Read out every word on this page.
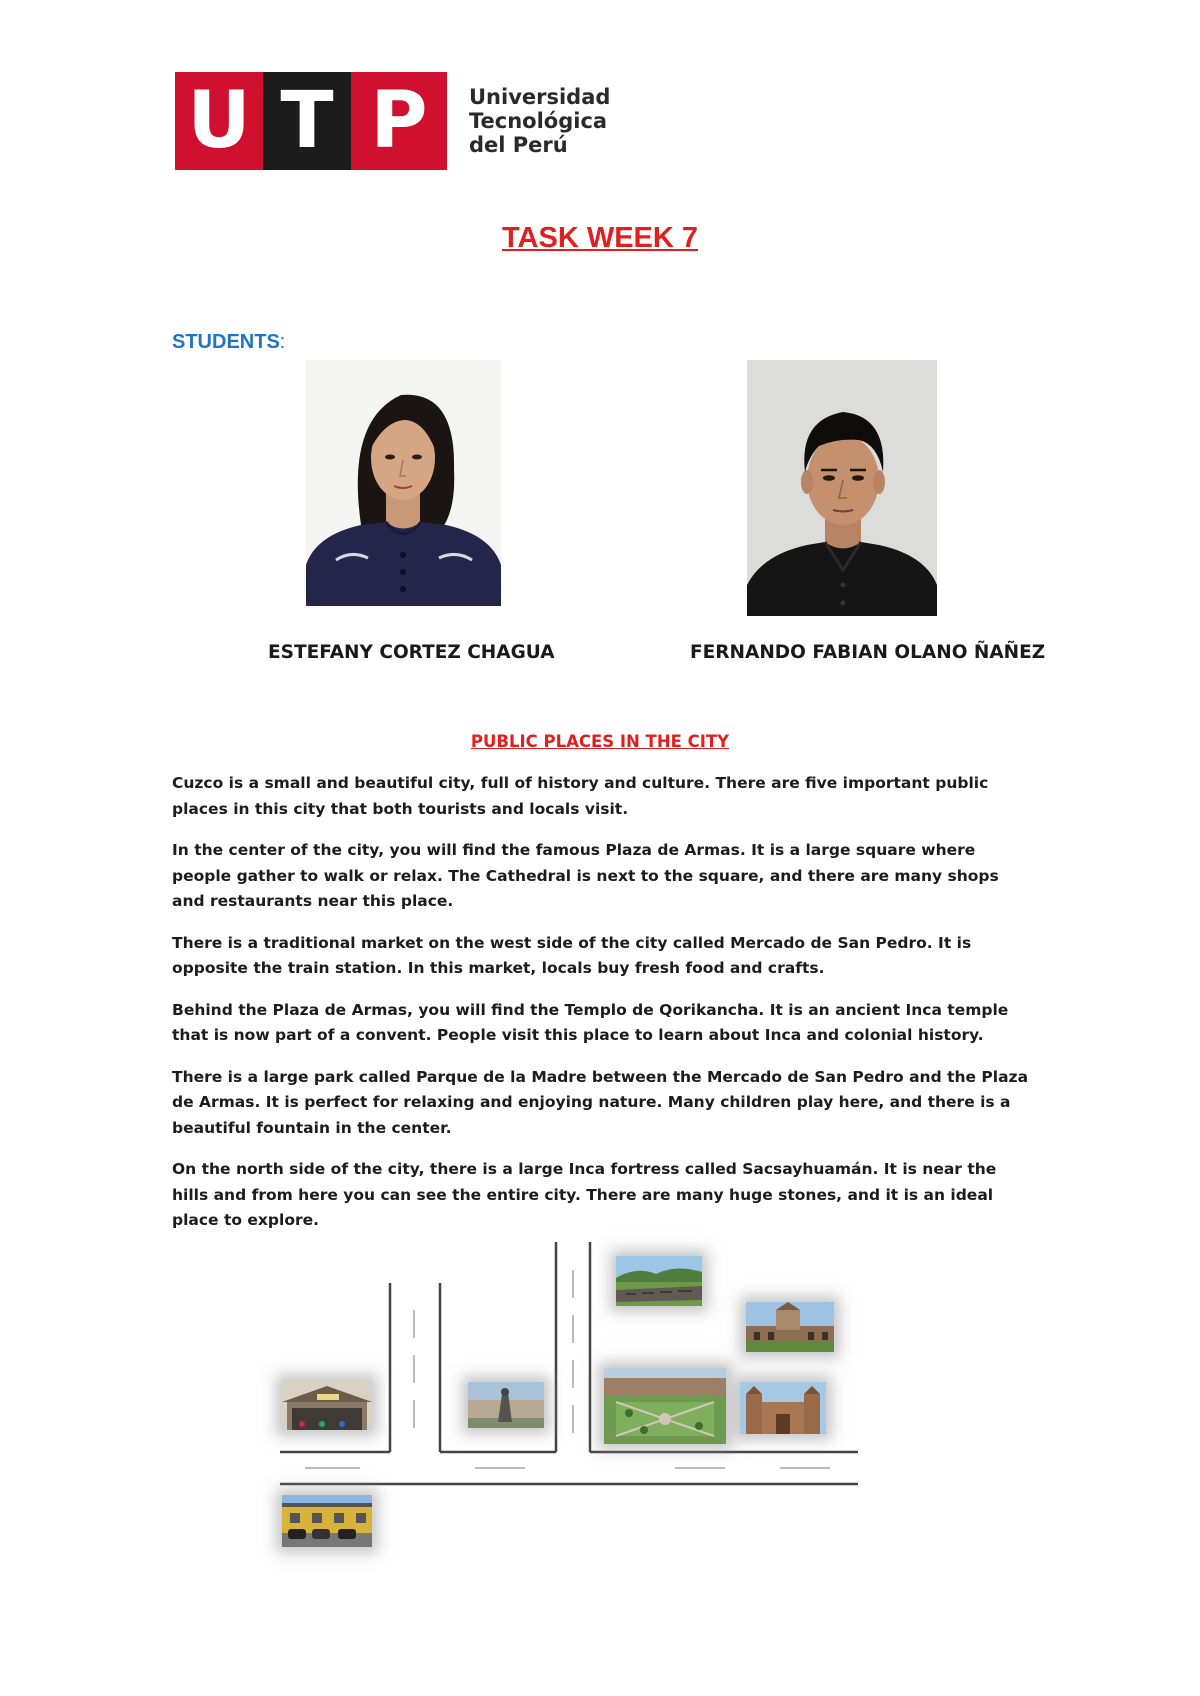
U T P	Universidad
Tecnológica
del Perú
TASK WEEK 7
STUDENTS:
ESTEFANY CORTEZ CHAGUA	FERNANDO FABIAN OLANO ÑAÑEZ
PUBLIC PLACES IN THE CITY

Cuzco is a small and beautiful city, full of history and culture. There are five important public places in this city that both tourists and locals visit.

In the center of the city, you will find the famous Plaza de Armas. It is a large square where people gather to walk or relax. The Cathedral is next to the square, and there are many shops and restaurants near this place.

There is a traditional market on the west side of the city called Mercado de San Pedro. It is opposite the train station. In this market, locals buy fresh food and crafts.

Behind the Plaza de Armas, you will find the Templo de Qorikancha. It is an ancient Inca temple that is now part of a convent. People visit this place to learn about Inca and colonial history.

There is a large park called Parque de la Madre between the Mercado de San Pedro and the Plaza de Armas. It is perfect for relaxing and enjoying nature. Many children play here, and there is a beautiful fountain in the center.

On the north side of the city, there is a large Inca fortress called Sacsayhuamán. It is near the hills and from here you can see the entire city. There are many huge stones, and it is an ideal place to explore.
